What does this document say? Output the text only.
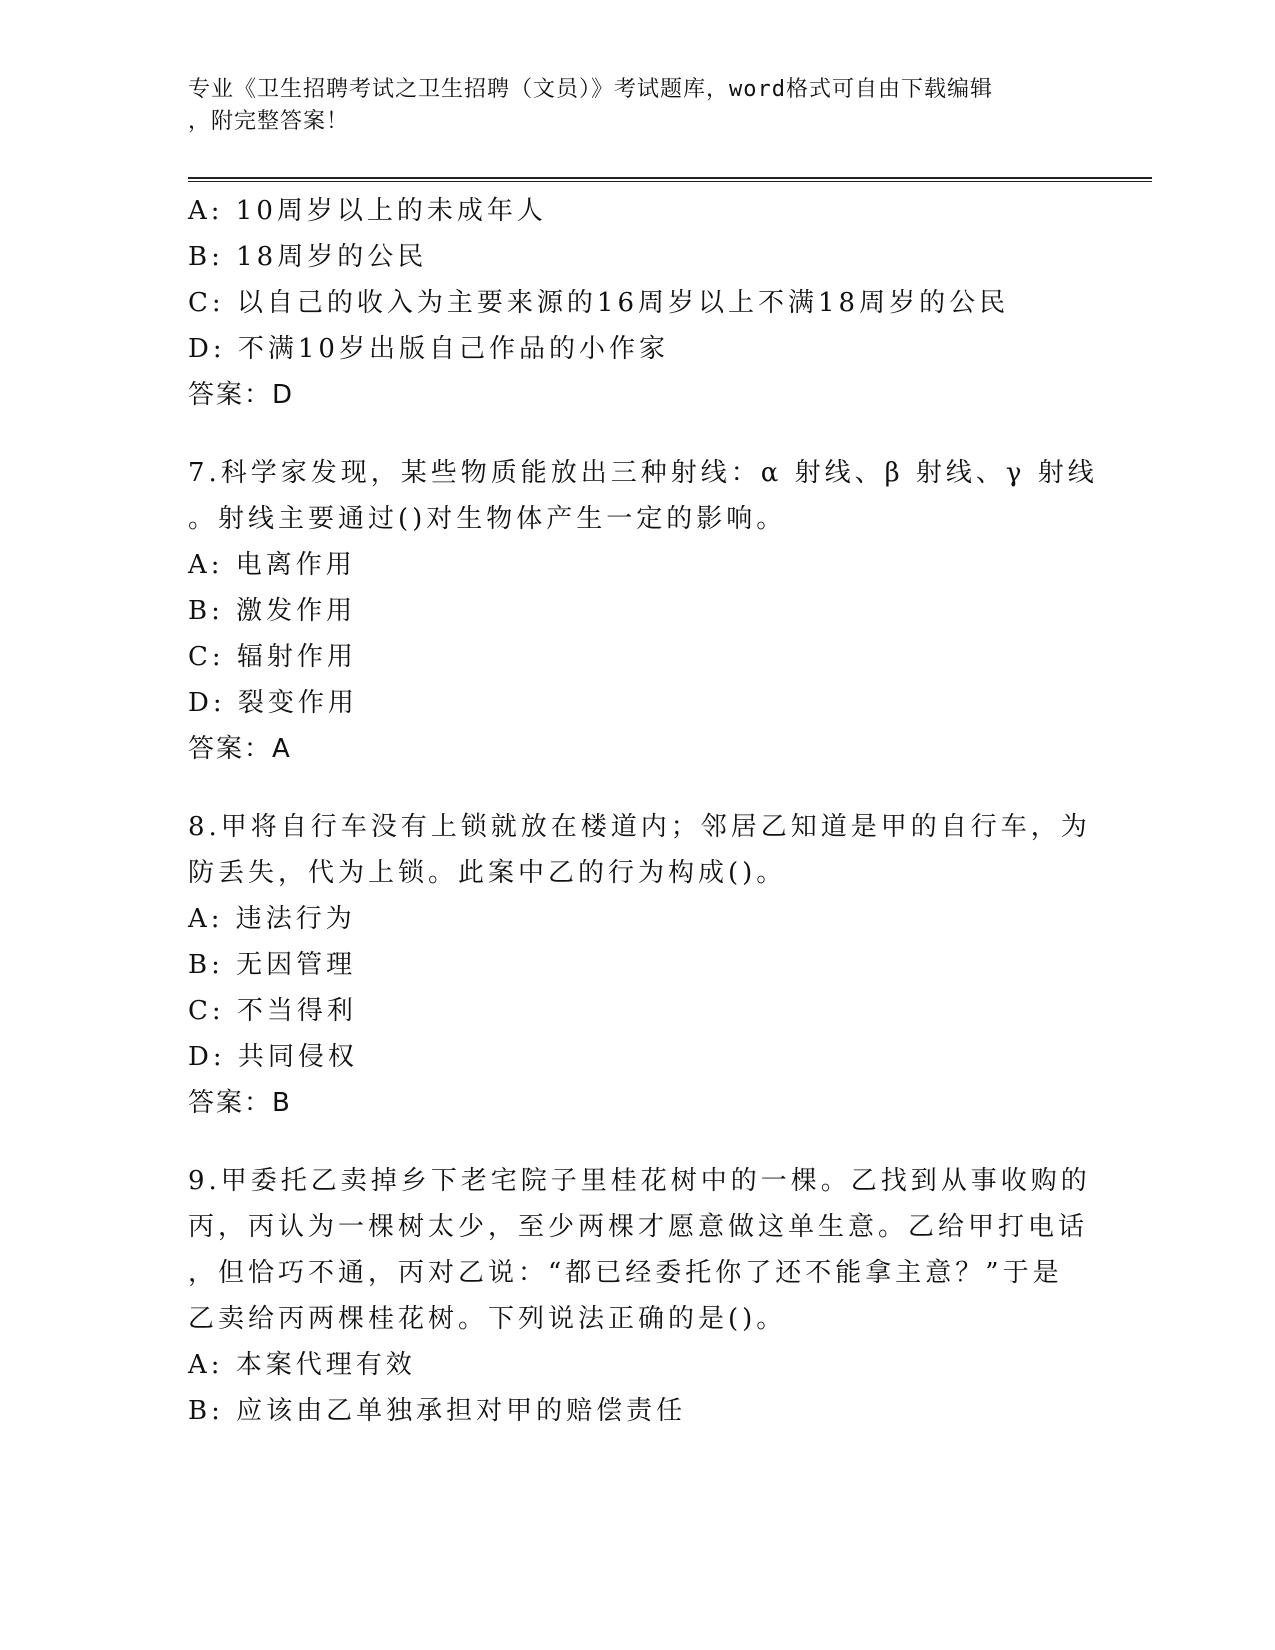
专业《卫生招聘考试之卫生招聘（文员）》考试题库，word格式可自由下载编辑
，附完整答案！
A: 10周岁以上的未成年人
B: 18周岁的公民
C: 以自己的收入为主要来源的16周岁以上不满18周岁的公民
D: 不满10岁出版自己作品的小作家
答案：D
7.科学家发现，某些物质能放出三种射线：α 射线、β 射线、γ 射线
。射线主要通过()对生物体产生一定的影响。
A: 电离作用
B: 激发作用
C: 辐射作用
D: 裂变作用
答案：A
8.甲将自行车没有上锁就放在楼道内；邻居乙知道是甲的自行车，为
防丢失，代为上锁。此案中乙的行为构成()。
A: 违法行为
B: 无因管理
C: 不当得利
D: 共同侵权
答案：B
9.甲委托乙卖掉乡下老宅院子里桂花树中的一棵。乙找到从事收购的
丙，丙认为一棵树太少，至少两棵才愿意做这单生意。乙给甲打电话
，但恰巧不通，丙对乙说：“都已经委托你了还不能拿主意？”于是
乙卖给丙两棵桂花树。下列说法正确的是()。
A: 本案代理有效
B: 应该由乙单独承担对甲的赔偿责任
